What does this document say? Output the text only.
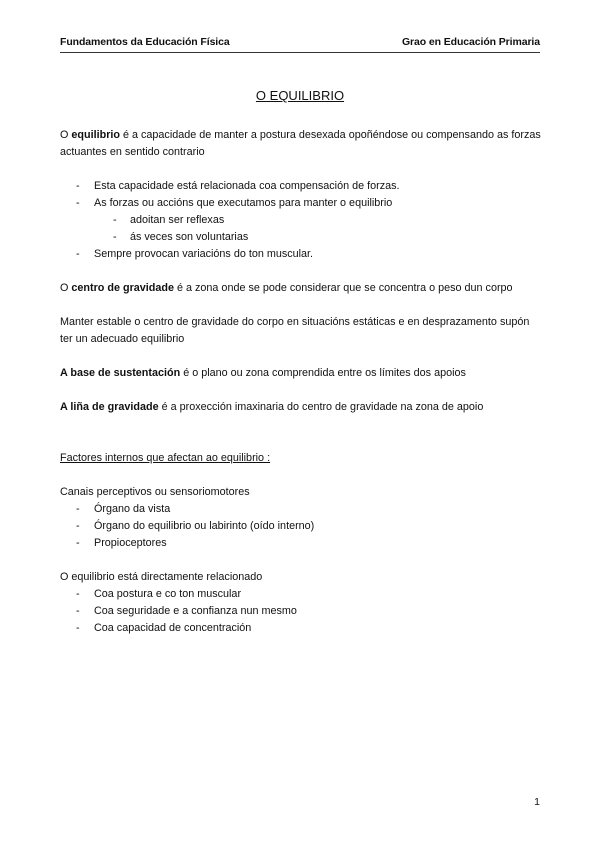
Fundamentos da Educación Física	Grao en Educación Primaria
O EQUILIBRIO

O equilibrio é a capacidade de manter a postura desexada opoñéndose ou compensando as forzas actuantes en sentido contrario

- Esta capacidade está relacionada coa compensación de forzas.
- As forzas ou accións que executamos para manter o equilibrio
- adoitan ser reflexas
- ás veces son voluntarias
- Sempre provocan variacións do ton muscular.

O centro de gravidade é a zona onde se pode considerar que se concentra o peso dun corpo

Manter estable o centro de gravidade do corpo en situacións estáticas e en desprazamento supón ter un adecuado equilibrio

A base de sustentación é o plano ou zona comprendida entre os límites dos apoios

A liña de gravidade é a proxección imaxinaria do centro de gravidade na zona de apoio

Factores internos que afectan ao equilibrio :

Canais perceptivos ou sensoriomotores

- Órgano da vista
- Órgano do equilibrio ou labirinto (oído interno)
- Propioceptores

O equilibrio está directamente relacionado

- Coa postura e co ton muscular
- Coa seguridade e a confianza nun mesmo
- Coa capacidad de concentración
1
